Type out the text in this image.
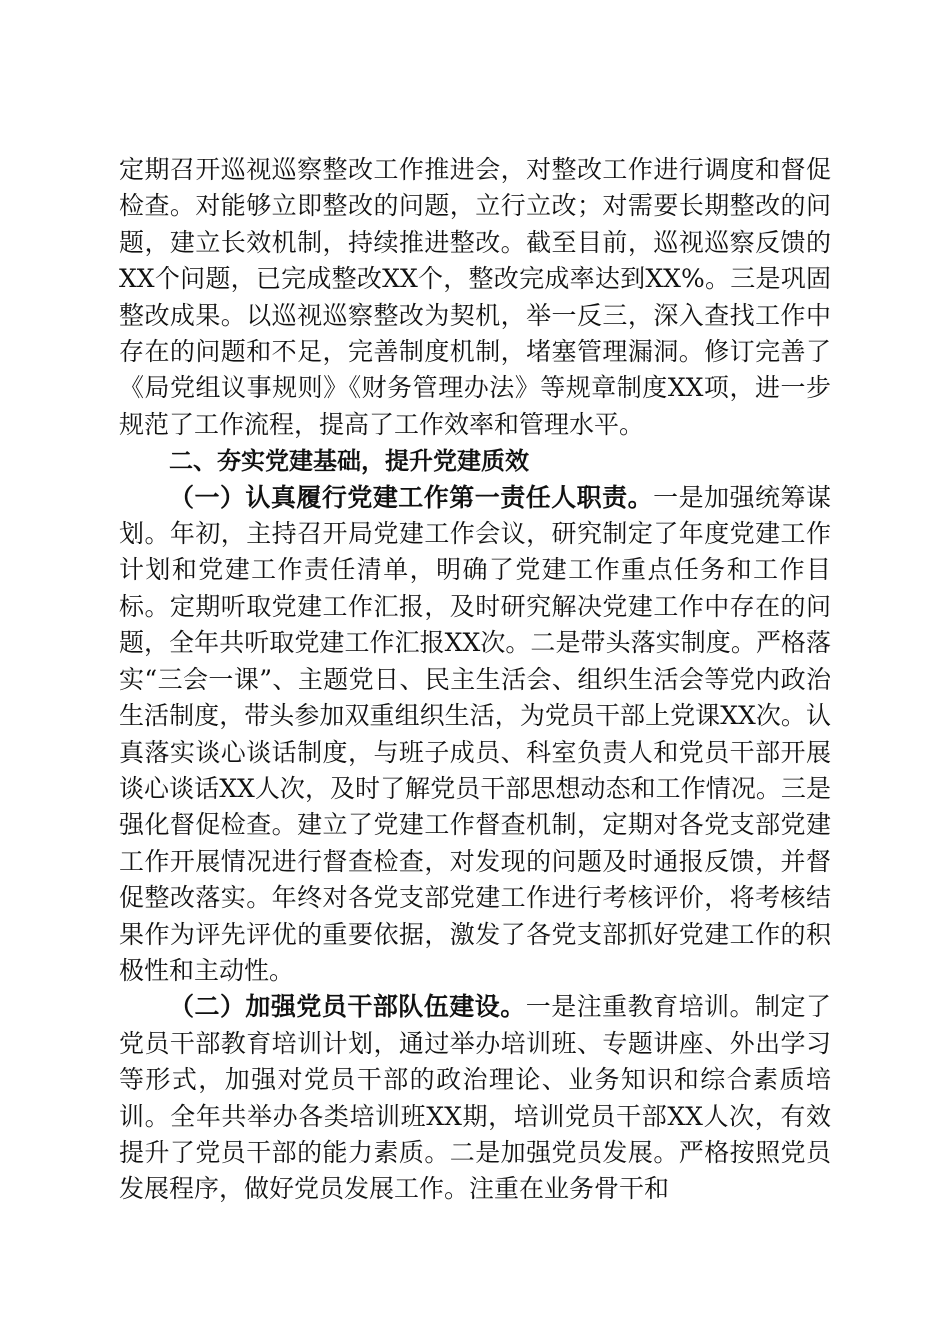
定期召开巡视巡察整改工作推进会，对整改工作进行调度和督促检查。对能够立即整改的问题，立行立改；对需要长期整改的问题，建立长效机制，持续推进整改。截至目前，巡视巡察反馈的XX个问题，已完成整改XX个，整改完成率达到XX%。三是巩固整改成果。以巡视巡察整改为契机，举一反三，深入查找工作中存在的问题和不足，完善制度机制，堵塞管理漏洞。修订完善了《局党组议事规则》《财务管理办法》等规章制度XX项，进一步规范了工作流程，提高了工作效率和管理水平。

二、夯实党建基础，提升党建质效

（一）认真履行党建工作第一责任人职责。一是加强统筹谋划。年初，主持召开局党建工作会议，研究制定了年度党建工作计划和党建工作责任清单，明确了党建工作重点任务和工作目标。定期听取党建工作汇报，及时研究解决党建工作中存在的问题，全年共听取党建工作汇报XX次。二是带头落实制度。严格落实“三会一课”、主题党日、民主生活会、组织生活会等党内政治生活制度，带头参加双重组织生活，为党员干部上党课XX次。认真落实谈心谈话制度，与班子成员、科室负责人和党员干部开展谈心谈话XX人次，及时了解党员干部思想动态和工作情况。三是强化督促检查。建立了党建工作督查机制，定期对各党支部党建工作开展情况进行督查检查，对发现的问题及时通报反馈，并督促整改落实。年终对各党支部党建工作进行考核评价，将考核结果作为评先评优的重要依据，激发了各党支部抓好党建工作的积极性和主动性。

（二）加强党员干部队伍建设。一是注重教育培训。制定了党员干部教育培训计划，通过举办培训班、专题讲座、外出学习等形式，加强对党员干部的政治理论、业务知识和综合素质培训。全年共举办各类培训班XX期，培训党员干部XX人次，有效提升了党员干部的能力素质。二是加强党员发展。严格按照党员发展程序，做好党员发展工作。注重在业务骨干和
